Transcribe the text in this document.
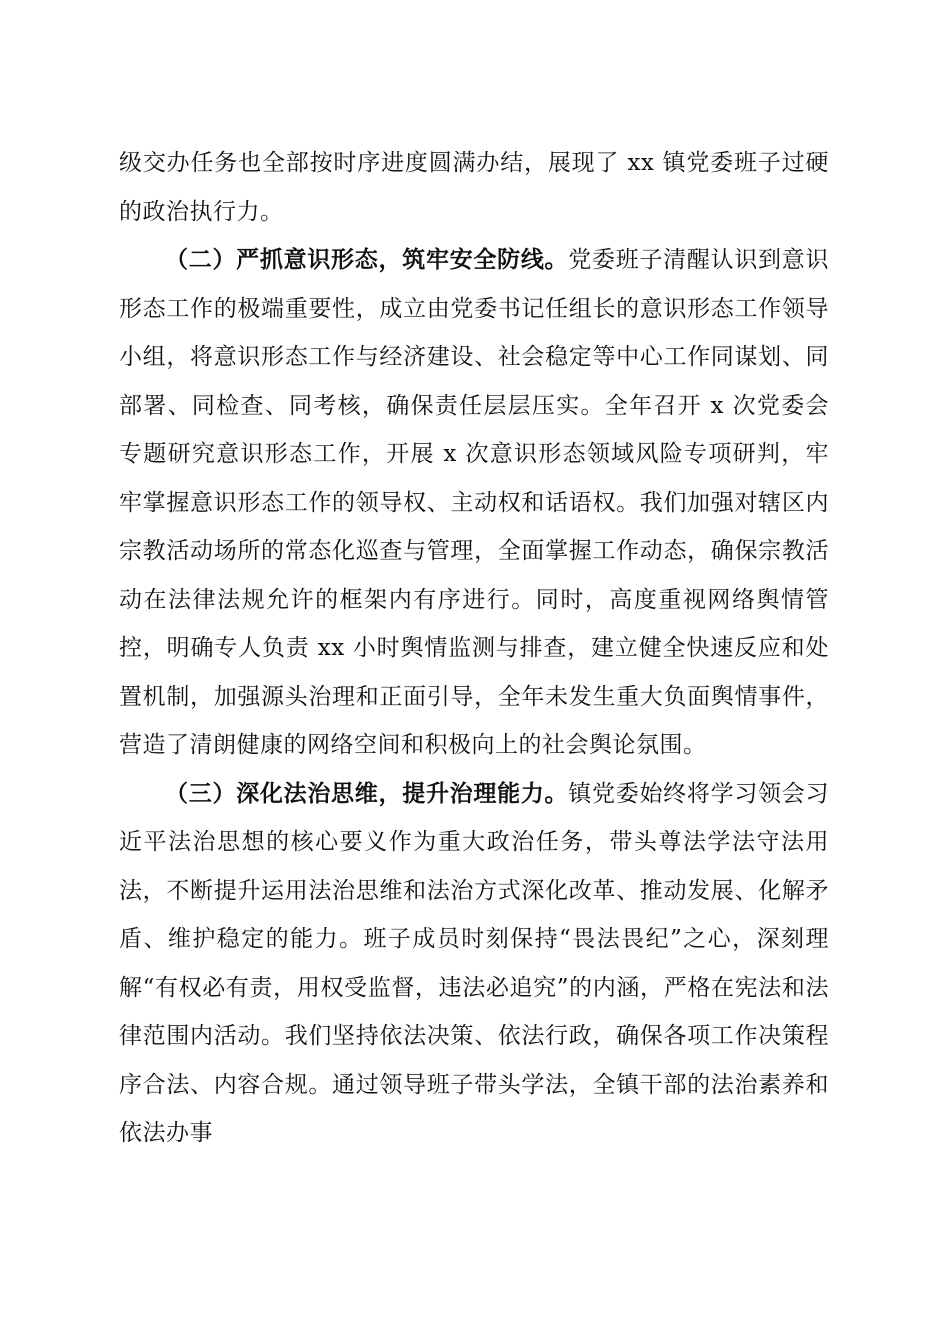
级交办任务也全部按时序进度圆满办结，展现了 xx 镇党委班子过硬的政治执行力。

（二）严抓意识形态，筑牢安全防线。党委班子清醒认识到意识形态工作的极端重要性，成立由党委书记任组长的意识形态工作领导小组，将意识形态工作与经济建设、社会稳定等中心工作同谋划、同部署、同检查、同考核，确保责任层层压实。全年召开 x 次党委会专题研究意识形态工作，开展 x 次意识形态领域风险专项研判，牢牢掌握意识形态工作的领导权、主动权和话语权。我们加强对辖区内宗教活动场所的常态化巡查与管理，全面掌握工作动态，确保宗教活动在法律法规允许的框架内有序进行。同时，高度重视网络舆情管控，明确专人负责 xx 小时舆情监测与排查，建立健全快速反应和处置机制，加强源头治理和正面引导，全年未发生重大负面舆情事件，营造了清朗健康的网络空间和积极向上的社会舆论氛围。

（三）深化法治思维，提升治理能力。镇党委始终将学习领会习近平法治思想的核心要义作为重大政治任务，带头尊法学法守法用法，不断提升运用法治思维和法治方式深化改革、推动发展、化解矛盾、维护稳定的能力。班子成员时刻保持“畏法畏纪”之心，深刻理解“有权必有责，用权受监督，违法必追究”的内涵，严格在宪法和法律范围内活动。我们坚持依法决策、依法行政，确保各项工作决策程序合法、内容合规。通过领导班子带头学法，全镇干部的法治素养和依法办事
